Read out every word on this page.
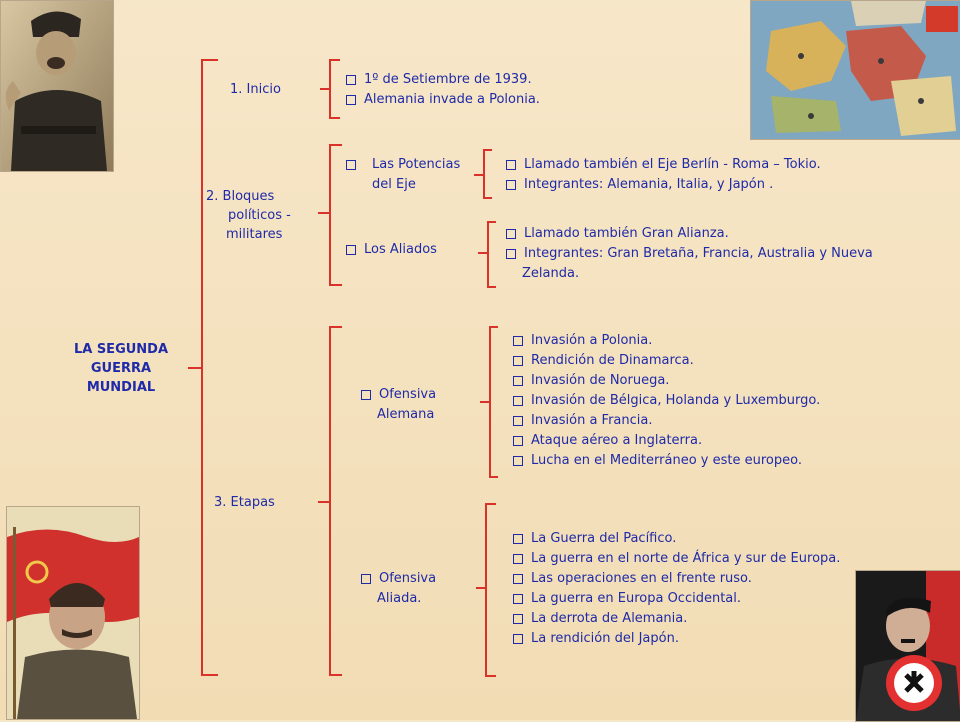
LA SEGUNDA
GUERRA
MUNDIAL
1. Inicio
1º de Setiembre de 1939.
Alemania invade a Polonia.
2. Bloques
políticos -
militares
Las Potencias
del Eje
Llamado también el Eje Berlín - Roma – Tokio.
Integrantes: Alemania, Italia, y Japón .
Los Aliados
Llamado también Gran Alianza.
Integrantes: Gran Bretaña, Francia, Australia y Nueva
Zelanda.
3. Etapas
Ofensiva
Alemana
Invasión a Polonia.
Rendición de Dinamarca.
Invasión de Noruega.
Invasión de Bélgica, Holanda y Luxemburgo.
Invasión a Francia.
Ataque aéreo a Inglaterra.
Lucha en el Mediterráneo y este europeo.
Ofensiva
Aliada.
La Guerra del Pacífico.
La guerra en el norte de África y sur de Europa.
Las operaciones en el frente ruso.
La guerra en Europa Occidental.
La derrota de Alemania.
La rendición del Japón.
